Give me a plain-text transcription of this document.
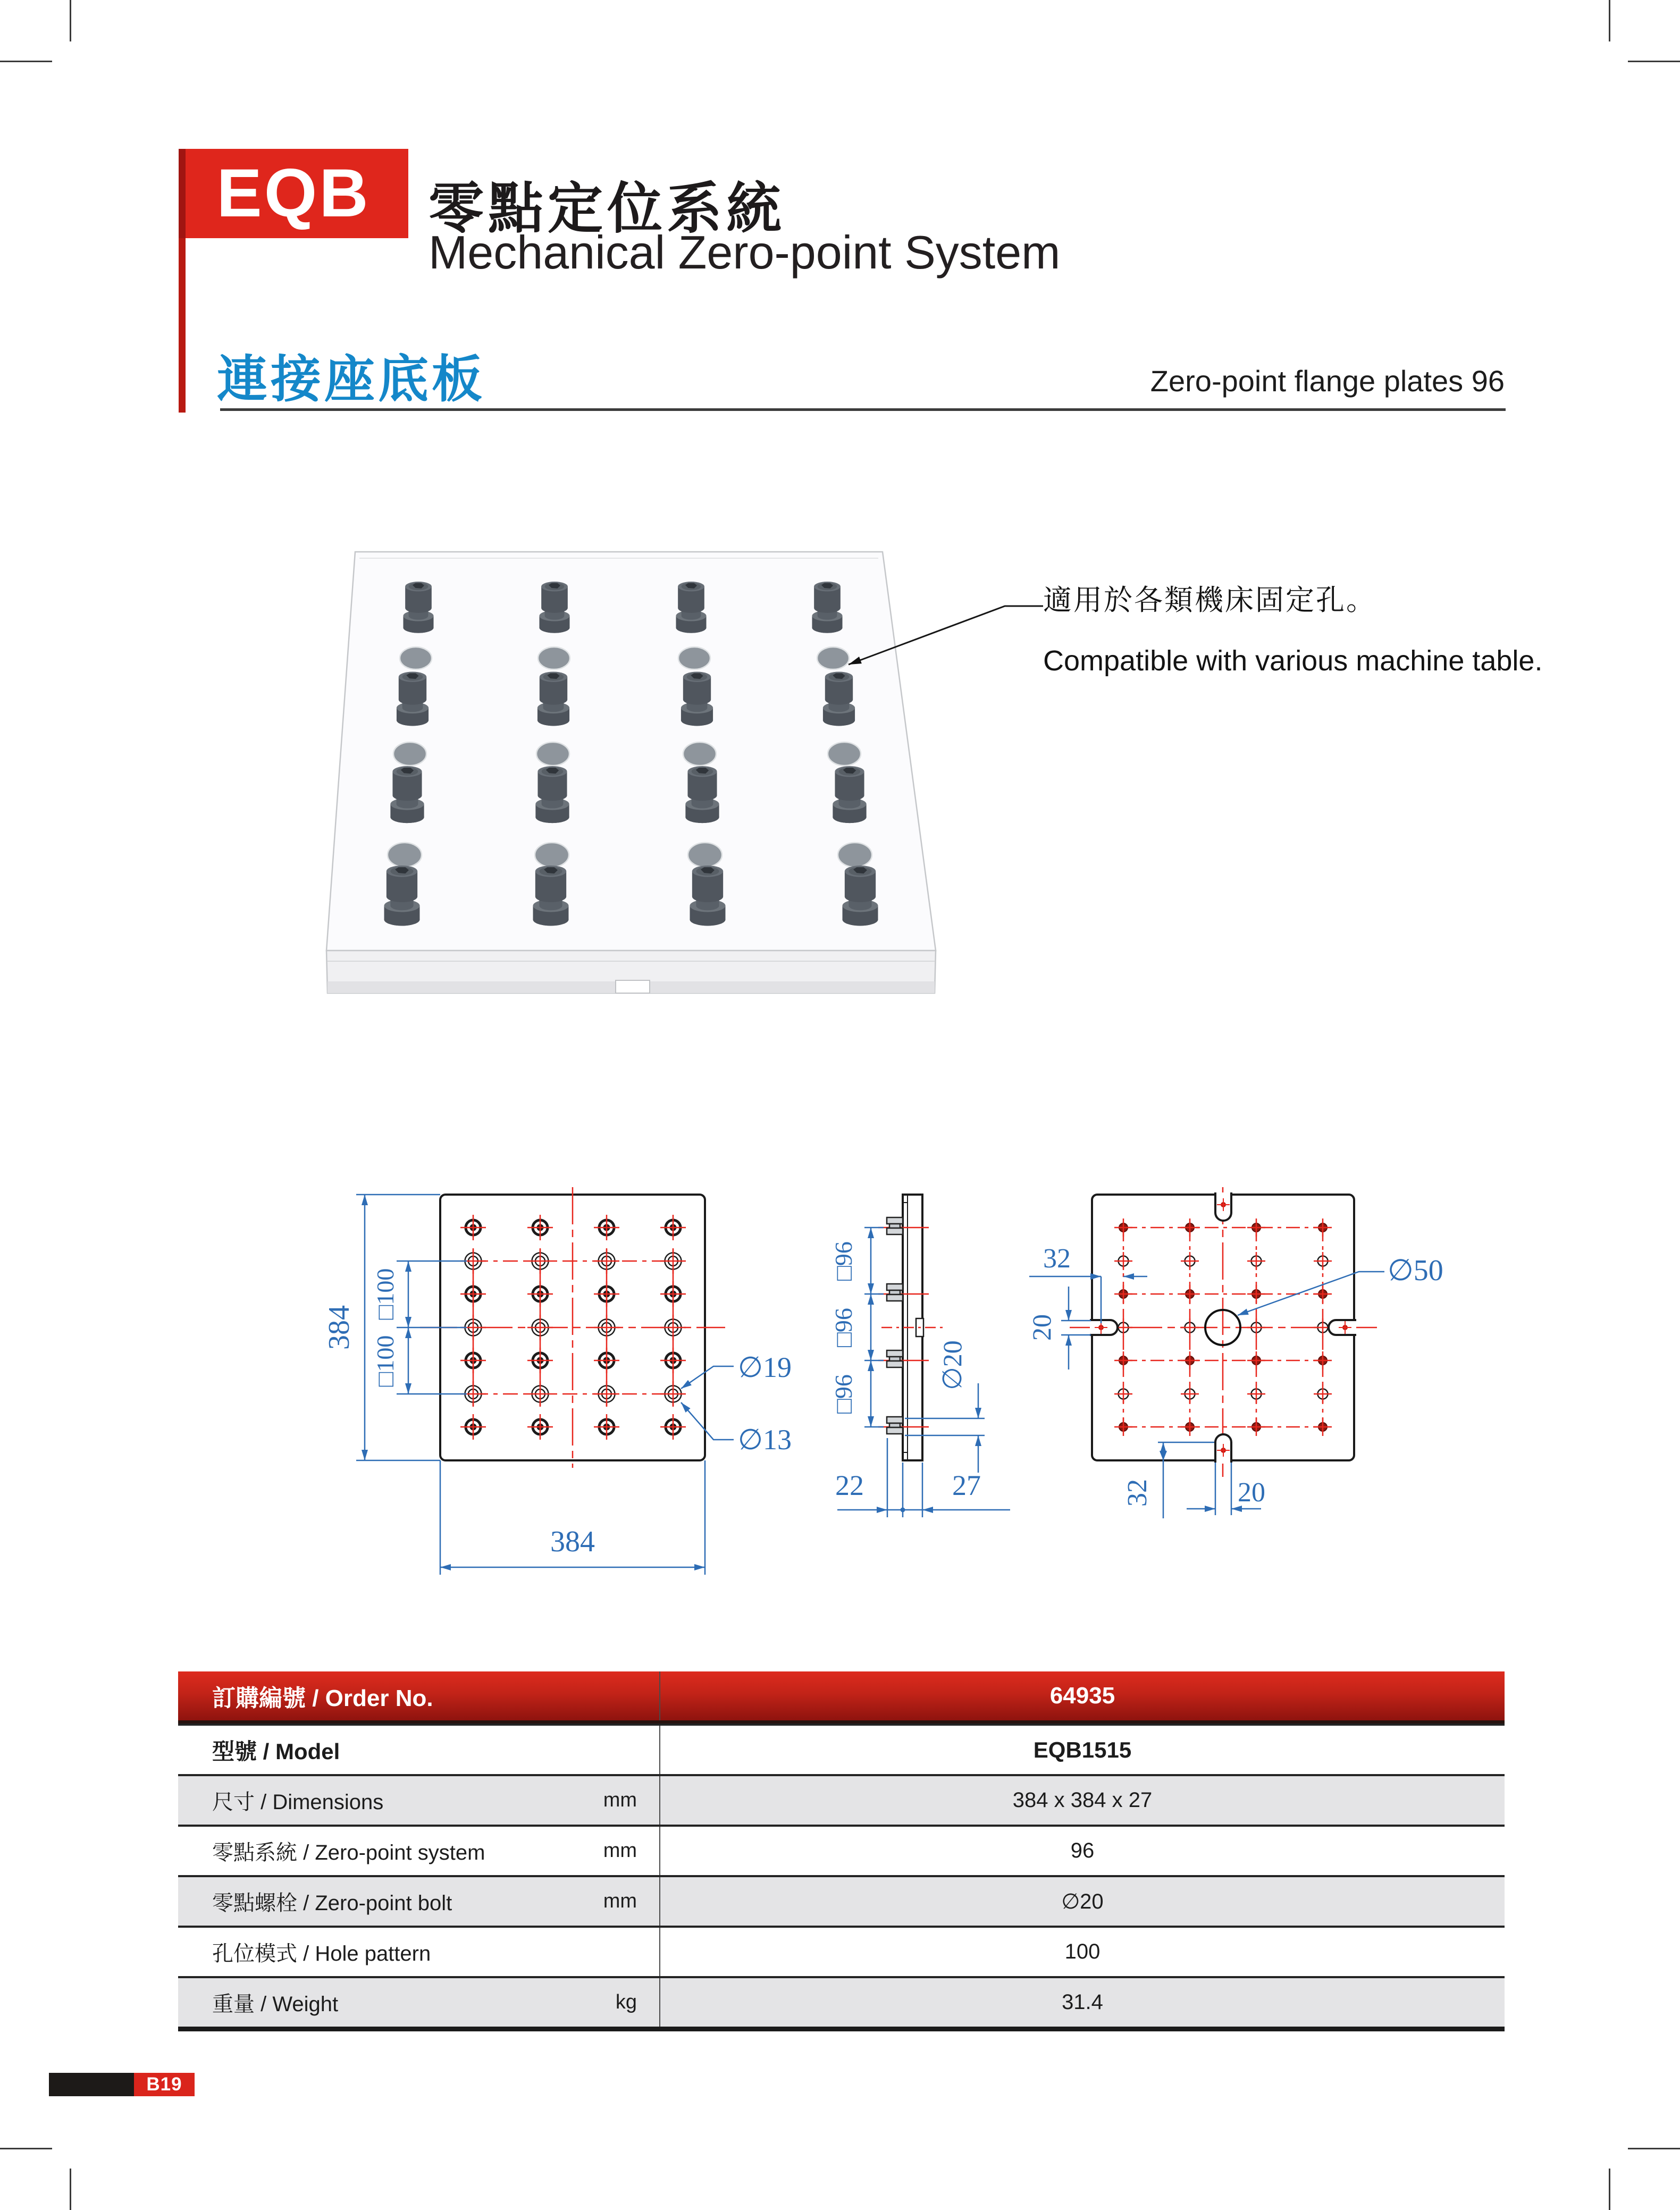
EQB 零點定位系統
Mechanical Zero-point System
連接座底板	Zero-point flange plates 96
適用於各類機床固定孔。
Compatible with various machine table.
384
□100
□100
384
∅19
∅13
□96
□96
□96
∅20
22	27
32
20
∅50
32	20
訂購編號 / Order No.	64935
型號 / Model	EQB1515
尺寸 / Dimensions	mm	384 x 384 x 27
零點系統 / Zero-point system	mm	96
零點螺栓 / Zero-point bolt	mm	∅20
孔位模式 / Hole pattern	100
重量 / Weight	kg	31.4
B19
